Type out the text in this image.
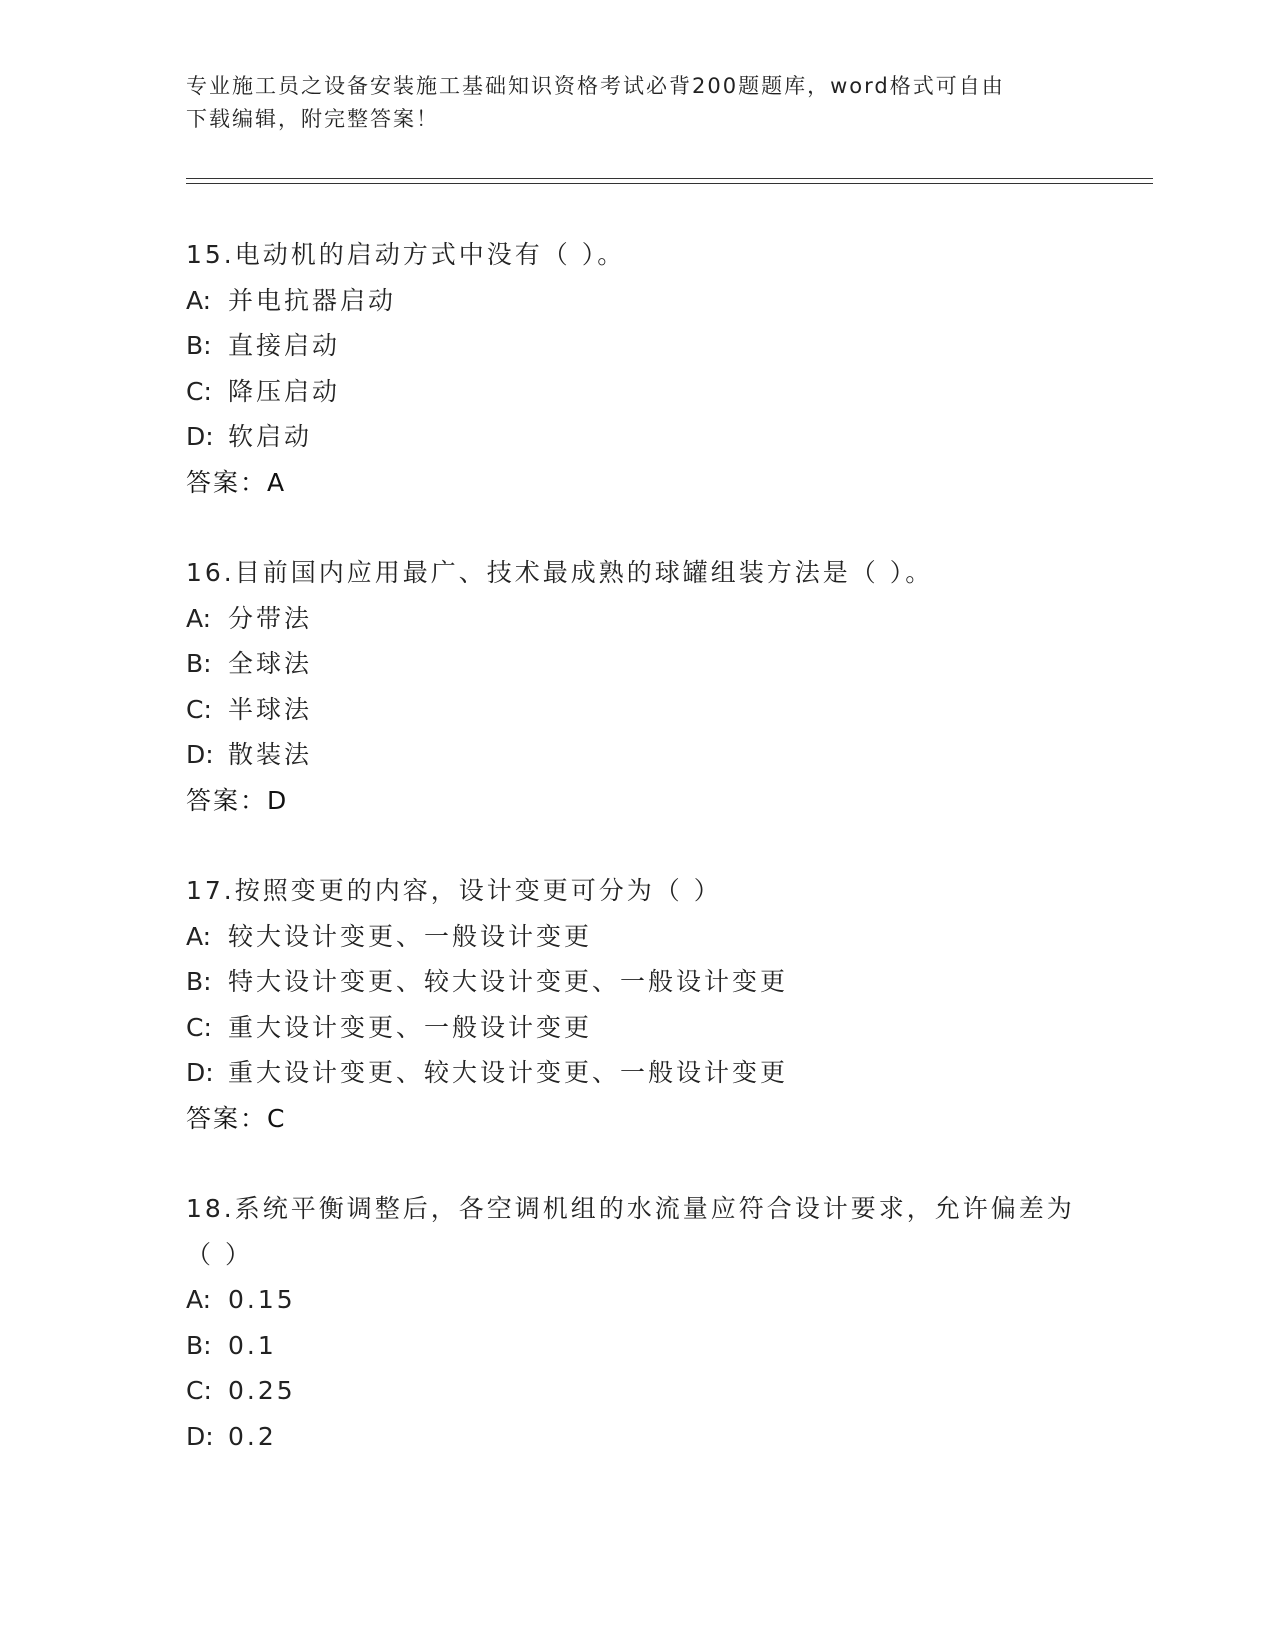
专业施工员之设备安装施工基础知识资格考试必背200题题库，word格式可自由
下载编辑，附完整答案！
15.电动机的启动方式中没有（ ）。
A: 并电抗器启动
B: 直接启动
C: 降压启动
D: 软启动
答案：A
16.目前国内应用最广、技术最成熟的球罐组装方法是（ ）。
A: 分带法
B: 全球法
C: 半球法
D: 散装法
答案：D
17.按照变更的内容，设计变更可分为（ ）
A: 较大设计变更、一般设计变更
B: 特大设计变更、较大设计变更、一般设计变更
C: 重大设计变更、一般设计变更
D: 重大设计变更、较大设计变更、一般设计变更
答案：C
18.系统平衡调整后，各空调机组的水流量应符合设计要求，允许偏差为（ ）
A: 0.15
B: 0.1
C: 0.25
D: 0.2
